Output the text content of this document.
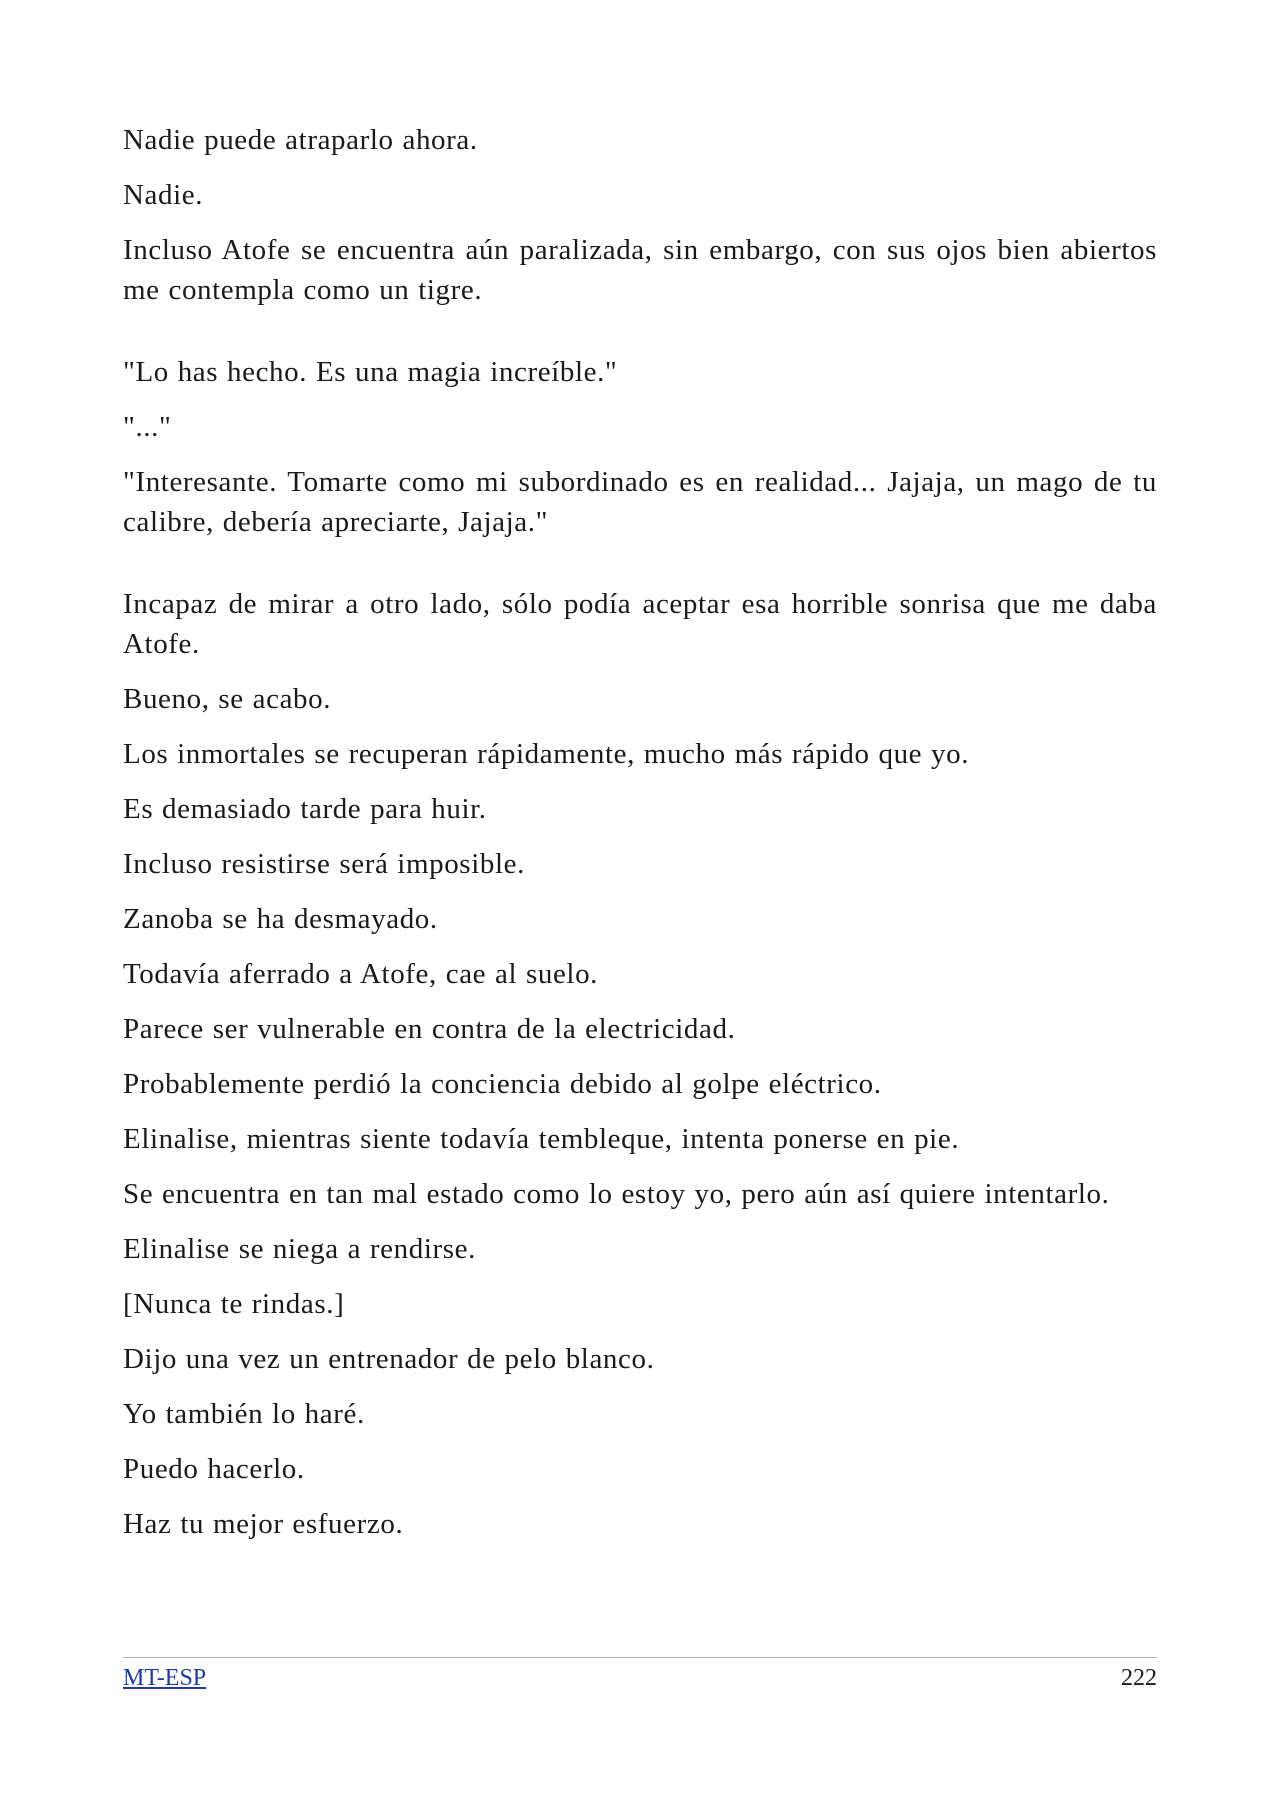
Nadie puede atraparlo ahora.

Nadie.

Incluso Atofe se encuentra aún paralizada, sin embargo, con sus ojos bien abiertos me contempla como un tigre.

"Lo has hecho. Es una magia increíble."

"..."

"Interesante. Tomarte como mi subordinado es en realidad... Jajaja, un mago de tu calibre, debería apreciarte, Jajaja."

Incapaz de mirar a otro lado, sólo podía aceptar esa horrible sonrisa que me daba Atofe.

Bueno, se acabo.

Los inmortales se recuperan rápidamente, mucho más rápido que yo.

Es demasiado tarde para huir.

Incluso resistirse será imposible.

Zanoba se ha desmayado.

Todavía aferrado a Atofe, cae al suelo.

Parece ser vulnerable en contra de la electricidad.

Probablemente perdió la conciencia debido al golpe eléctrico.

Elinalise, mientras siente todavía tembleque, intenta ponerse en pie.

Se encuentra en tan mal estado como lo estoy yo, pero aún así quiere intentarlo.

Elinalise se niega a rendirse.

[Nunca te rindas.]

Dijo una vez un entrenador de pelo blanco.

Yo también lo haré.

Puedo hacerlo.

Haz tu mejor esfuerzo.

MT-ESP	222
